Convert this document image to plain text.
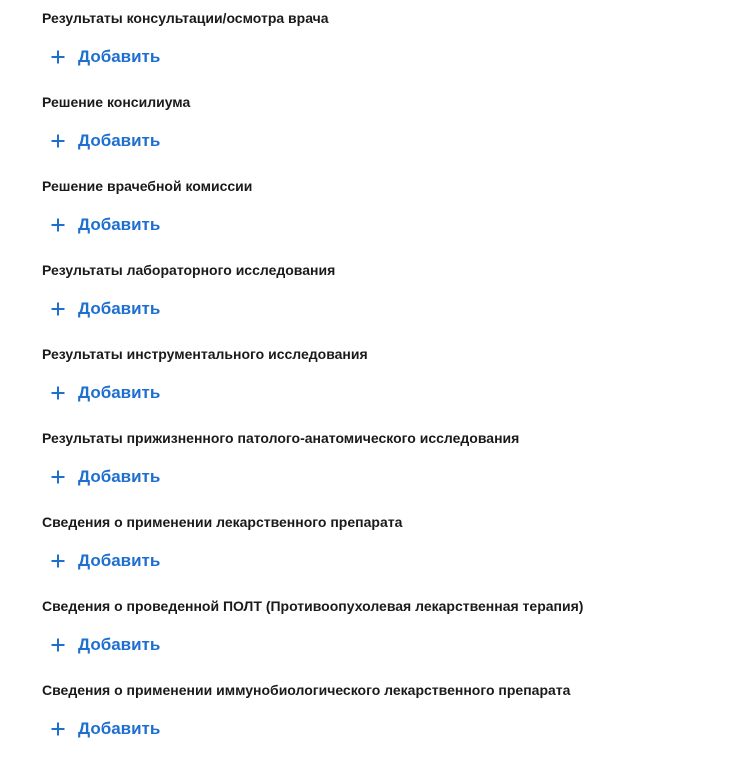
Результаты консультации/осмотра врача
Добавить
Решение консилиума
Добавить
Решение врачебной комиссии
Добавить
Результаты лабораторного исследования
Добавить
Результаты инструментального исследования
Добавить
Результаты прижизненного патолого-анатомического исследования
Добавить
Сведения о применении лекарственного препарата
Добавить
Сведения о проведенной ПОЛТ (Противоопухолевая лекарственная терапия)
Добавить
Сведения о применении иммунобиологического лекарственного препарата
Добавить
